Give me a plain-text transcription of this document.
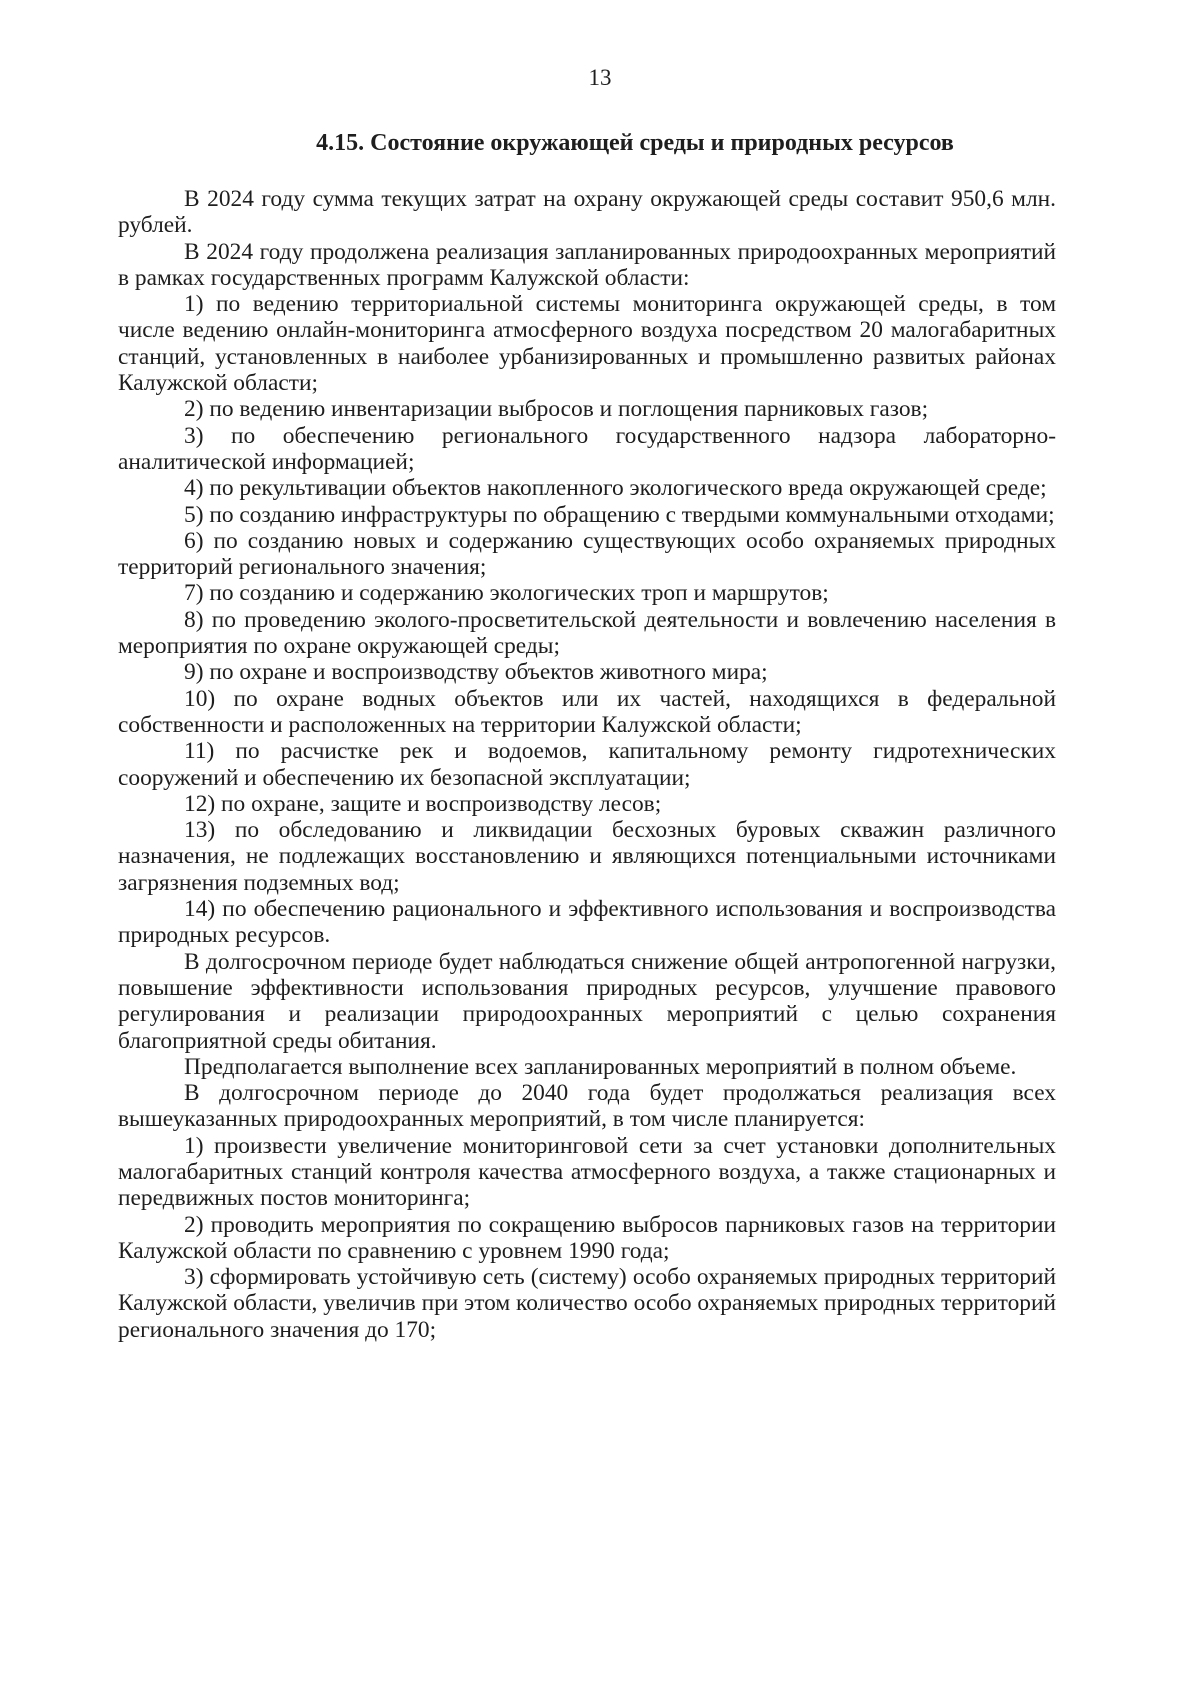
13
4.15. Состояние окружающей среды и природных ресурсов

В 2024 году сумма текущих затрат на охрану окружающей среды составит 950,6 млн. рублей.

В 2024 году продолжена реализация запланированных природоохранных мероприятий в рамках государственных программ Калужской области:

1) по ведению территориальной системы мониторинга окружающей среды, в том числе ведению онлайн-мониторинга атмосферного воздуха посредством 20 малогабаритных станций, установленных в наиболее урбанизированных и промышленно развитых районах Калужской области;

2) по ведению инвентаризации выбросов и поглощения парниковых газов;

3) по обеспечению регионального государственного надзора лабораторно-аналитической информацией;

4) по рекультивации объектов накопленного экологического вреда окружающей среде;

5) по созданию инфраструктуры по обращению с твердыми коммунальными отходами;

6) по созданию новых и содержанию существующих особо охраняемых природных территорий регионального значения;

7) по созданию и содержанию экологических троп и маршрутов;

8) по проведению эколого-просветительской деятельности и вовлечению населения в мероприятия по охране окружающей среды;

9) по охране и воспроизводству объектов животного мира;

10) по охране водных объектов или их частей, находящихся в федеральной собственности и расположенных на территории Калужской области;

11) по расчистке рек и водоемов, капитальному ремонту гидротехнических сооружений и обеспечению их безопасной эксплуатации;

12) по охране, защите и воспроизводству лесов;

13) по обследованию и ликвидации бесхозных буровых скважин различного назначения, не подлежащих восстановлению и являющихся потенциальными источниками загрязнения подземных вод;

14) по обеспечению рационального и эффективного использования и воспроизводства природных ресурсов.

В долгосрочном периоде будет наблюдаться снижение общей антропогенной нагрузки, повышение эффективности использования природных ресурсов, улучшение правового регулирования и реализации природоохранных мероприятий с целью сохранения благоприятной среды обитания.

Предполагается выполнение всех запланированных мероприятий в полном объеме.

В долгосрочном периоде до 2040 года будет продолжаться реализация всех вышеуказанных природоохранных мероприятий, в том числе планируется:

1) произвести увеличение мониторинговой сети за счет установки дополнительных малогабаритных станций контроля качества атмосферного воздуха, а также стационарных и передвижных постов мониторинга;

2) проводить мероприятия по сокращению выбросов парниковых газов на территории Калужской области по сравнению с уровнем 1990 года;

3) сформировать устойчивую сеть (систему) особо охраняемых природных территорий Калужской области, увеличив при этом количество особо охраняемых природных территорий регионального значения до 170;
